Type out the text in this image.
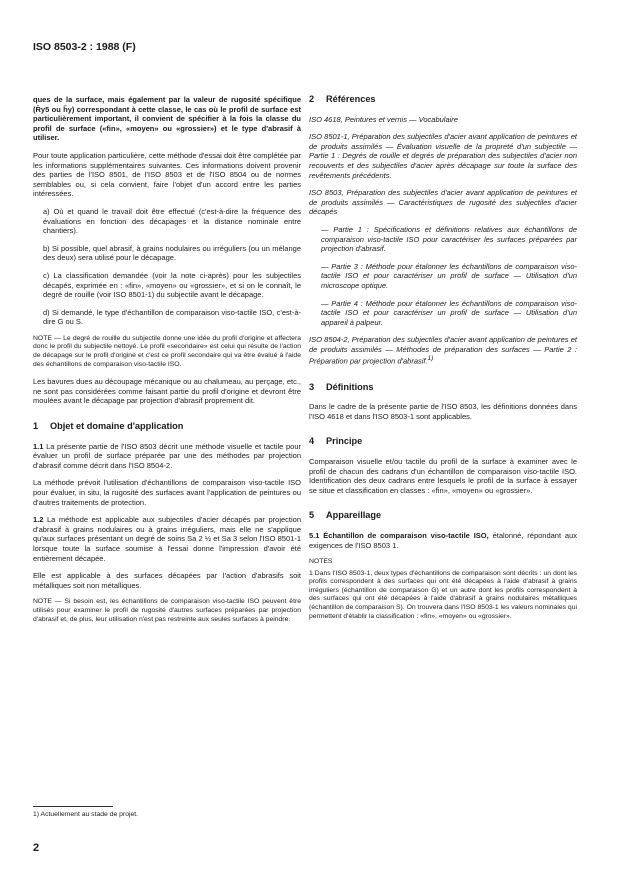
ISO 8503-2 : 1988 (F)

ques de la surface, mais également par la valeur de rugosité spécifique (R̄y5 ou h̄y) correspondant à cette classe, le cas où le profil de surface est particulièrement important, il convient de spécifier à la fois la classe du profil de surface («fin», «moyen» ou «grossier») et le type d'abrasif à utiliser.

Pour toute application particulière, cette méthode d'essai doit être complétée par les informations supplémentaires suivantes. Ces informations doivent provenir des parties de l'ISO 8501, de l'ISO 8503 et de l'ISO 8504 ou de normes semblables ou, si cela convient, faire l'objet d'un accord entre les parties intéressées.

a) Où et quand le travail doit être effectué (c'est-à-dire la fréquence des évaluations en fonction des décapages et la distance nominale entre chantiers).

b) Si possible, quel abrasif, à grains nodulaires ou irréguliers (ou un mélange des deux) sera utilisé pour le décapage.

c) La classification demandée (voir la note ci-après) pour les subjectiles décapés, exprimée en : «fin», «moyen» ou «grossier», et si on le connaît, le degré de rouille (voir ISO 8501-1) du subjectile avant le décapage.

d) Si demandé, le type d'échantillon de comparaison viso-tactile ISO, c'est-à-dire G ou S.

NOTE — Le degré de rouille du subjectile donne une idée du profil d'origine et affectera donc le profil du subjectile nettoyé. Le profil «secondaire» est celui qui résulte de l'action de décapage sur le profil d'origine et c'est ce profil secondaire qui va être évalué à l'aide des échantillons de comparaison viso-tactile ISO.

Les bavures dues au découpage mécanique ou au chalumeau, au perçage, etc., ne sont pas considérées comme faisant partie du profil d'origine et devront être moulées avant le décapage par projection d'abrasif proprement dit.

1 Objet et domaine d'application

1.1 La présente partie de l'ISO 8503 décrit une méthode visuelle et tactile pour évaluer un profil de surface préparée par une des méthodes par projection d'abrasif comme décrit dans l'ISO 8504-2.

La méthode prévoit l'utilisation d'échantillons de comparaison viso-tactile ISO pour évaluer, in situ, la rugosité des surfaces avant l'application de peintures ou d'autres traitements de protection.

1.2 La méthode est applicable aux subjectiles d'acier décapés par projection d'abrasif à grains nodulaires ou à grains irréguliers, mais elle ne s'applique qu'aux surfaces présentant un degré de soins Sa 2 ½ et Sa 3 selon l'ISO 8501-1 lorsque toute la surface soumise à l'essai donne l'impression d'avoir été entièrement décapée.

Elle est applicable à des surfaces décapées par l'action d'abrasifs soit métalliques soit non métalliques.

NOTE — Si besoin est, les échantillons de comparaison viso-tactile ISO peuvent être utilisés pour examiner le profil de rugosité d'autres surfaces préparées par projection d'abrasif et, de plus, leur utilisation n'est pas restreinte aux seules surfaces à peindre.

2 Références

ISO 4618, Peintures et vernis — Vocabulaire

ISO 8501-1, Préparation des subjectiles d'acier avant application de peintures et de produits assimilés — Évaluation visuelle de la propreté d'un subjectile — Partie 1 : Degrés de rouille et degrés de préparation des subjectiles d'acier non recouverts et des subjectiles d'acier après décapage sur toute la surface des revêtements précédents.

ISO 8503, Préparation des subjectiles d'acier avant application de peintures et de produits assimilés — Caractéristiques de rugosité des subjectiles d'acier décapés

— Partie 1 : Spécifications et définitions relatives aux échantillons de comparaison viso-tactile ISO pour caractériser les surfaces préparées par projection d'abrasif.

— Partie 3 : Méthode pour étalonner les échantillons de comparaison viso-tactile ISO et pour caractériser un profil de surface — Utilisation d'un microscope optique.

— Partie 4 : Méthode pour étalonner les échantillons de comparaison viso-tactile ISO et pour caractériser un profil de surface — Utilisation d'un appareil à palpeur.

ISO 8504-2, Préparation des subjectiles d'acier avant application de peintures et de produits assimilés — Méthodes de préparation des surfaces — Partie 2 : Préparation par projection d'abrasif.$^{1)}$

3 Définitions

Dans le cadre de la présente partie de l'ISO 8503, les définitions données dans l'ISO 4618 et dans l'ISO 8503-1 sont applicables.

4 Principe

Comparaison visuelle et/ou tactile du profil de la surface à examiner avec le profil de chacun des cadrans d'un échantillon de comparaison viso-tactile ISO. Identification des deux cadrans entre lesquels le profil de la surface à essayer se situe et classification en classes : «fin», «moyen» ou «grossier».

5 Appareillage

5.1 Échantillon de comparaison viso-tactile ISO, étalonné, répondant aux exigences de l'ISO 8503 1.

NOTES

1 Dans l'ISO 8503-1, deux types d'échantillons de comparaison sont décrits : un dont les profils correspondent à des surfaces qui ont été décapées à l'aide d'abrasif à grains irréguliers (échantillon de comparaison G) et un autre dont les profils correspondent à des surfaces qui ont été décapées à l'aide d'abrasif à grains nodulaires métalliques (échantillon de comparaison S). On trouvera dans l'ISO 8503-1 les valeurs nominales qui permettent d'établir la classification : «fin», «moyen» ou «grossier».

1) Actuellement au stade de projet.
2
